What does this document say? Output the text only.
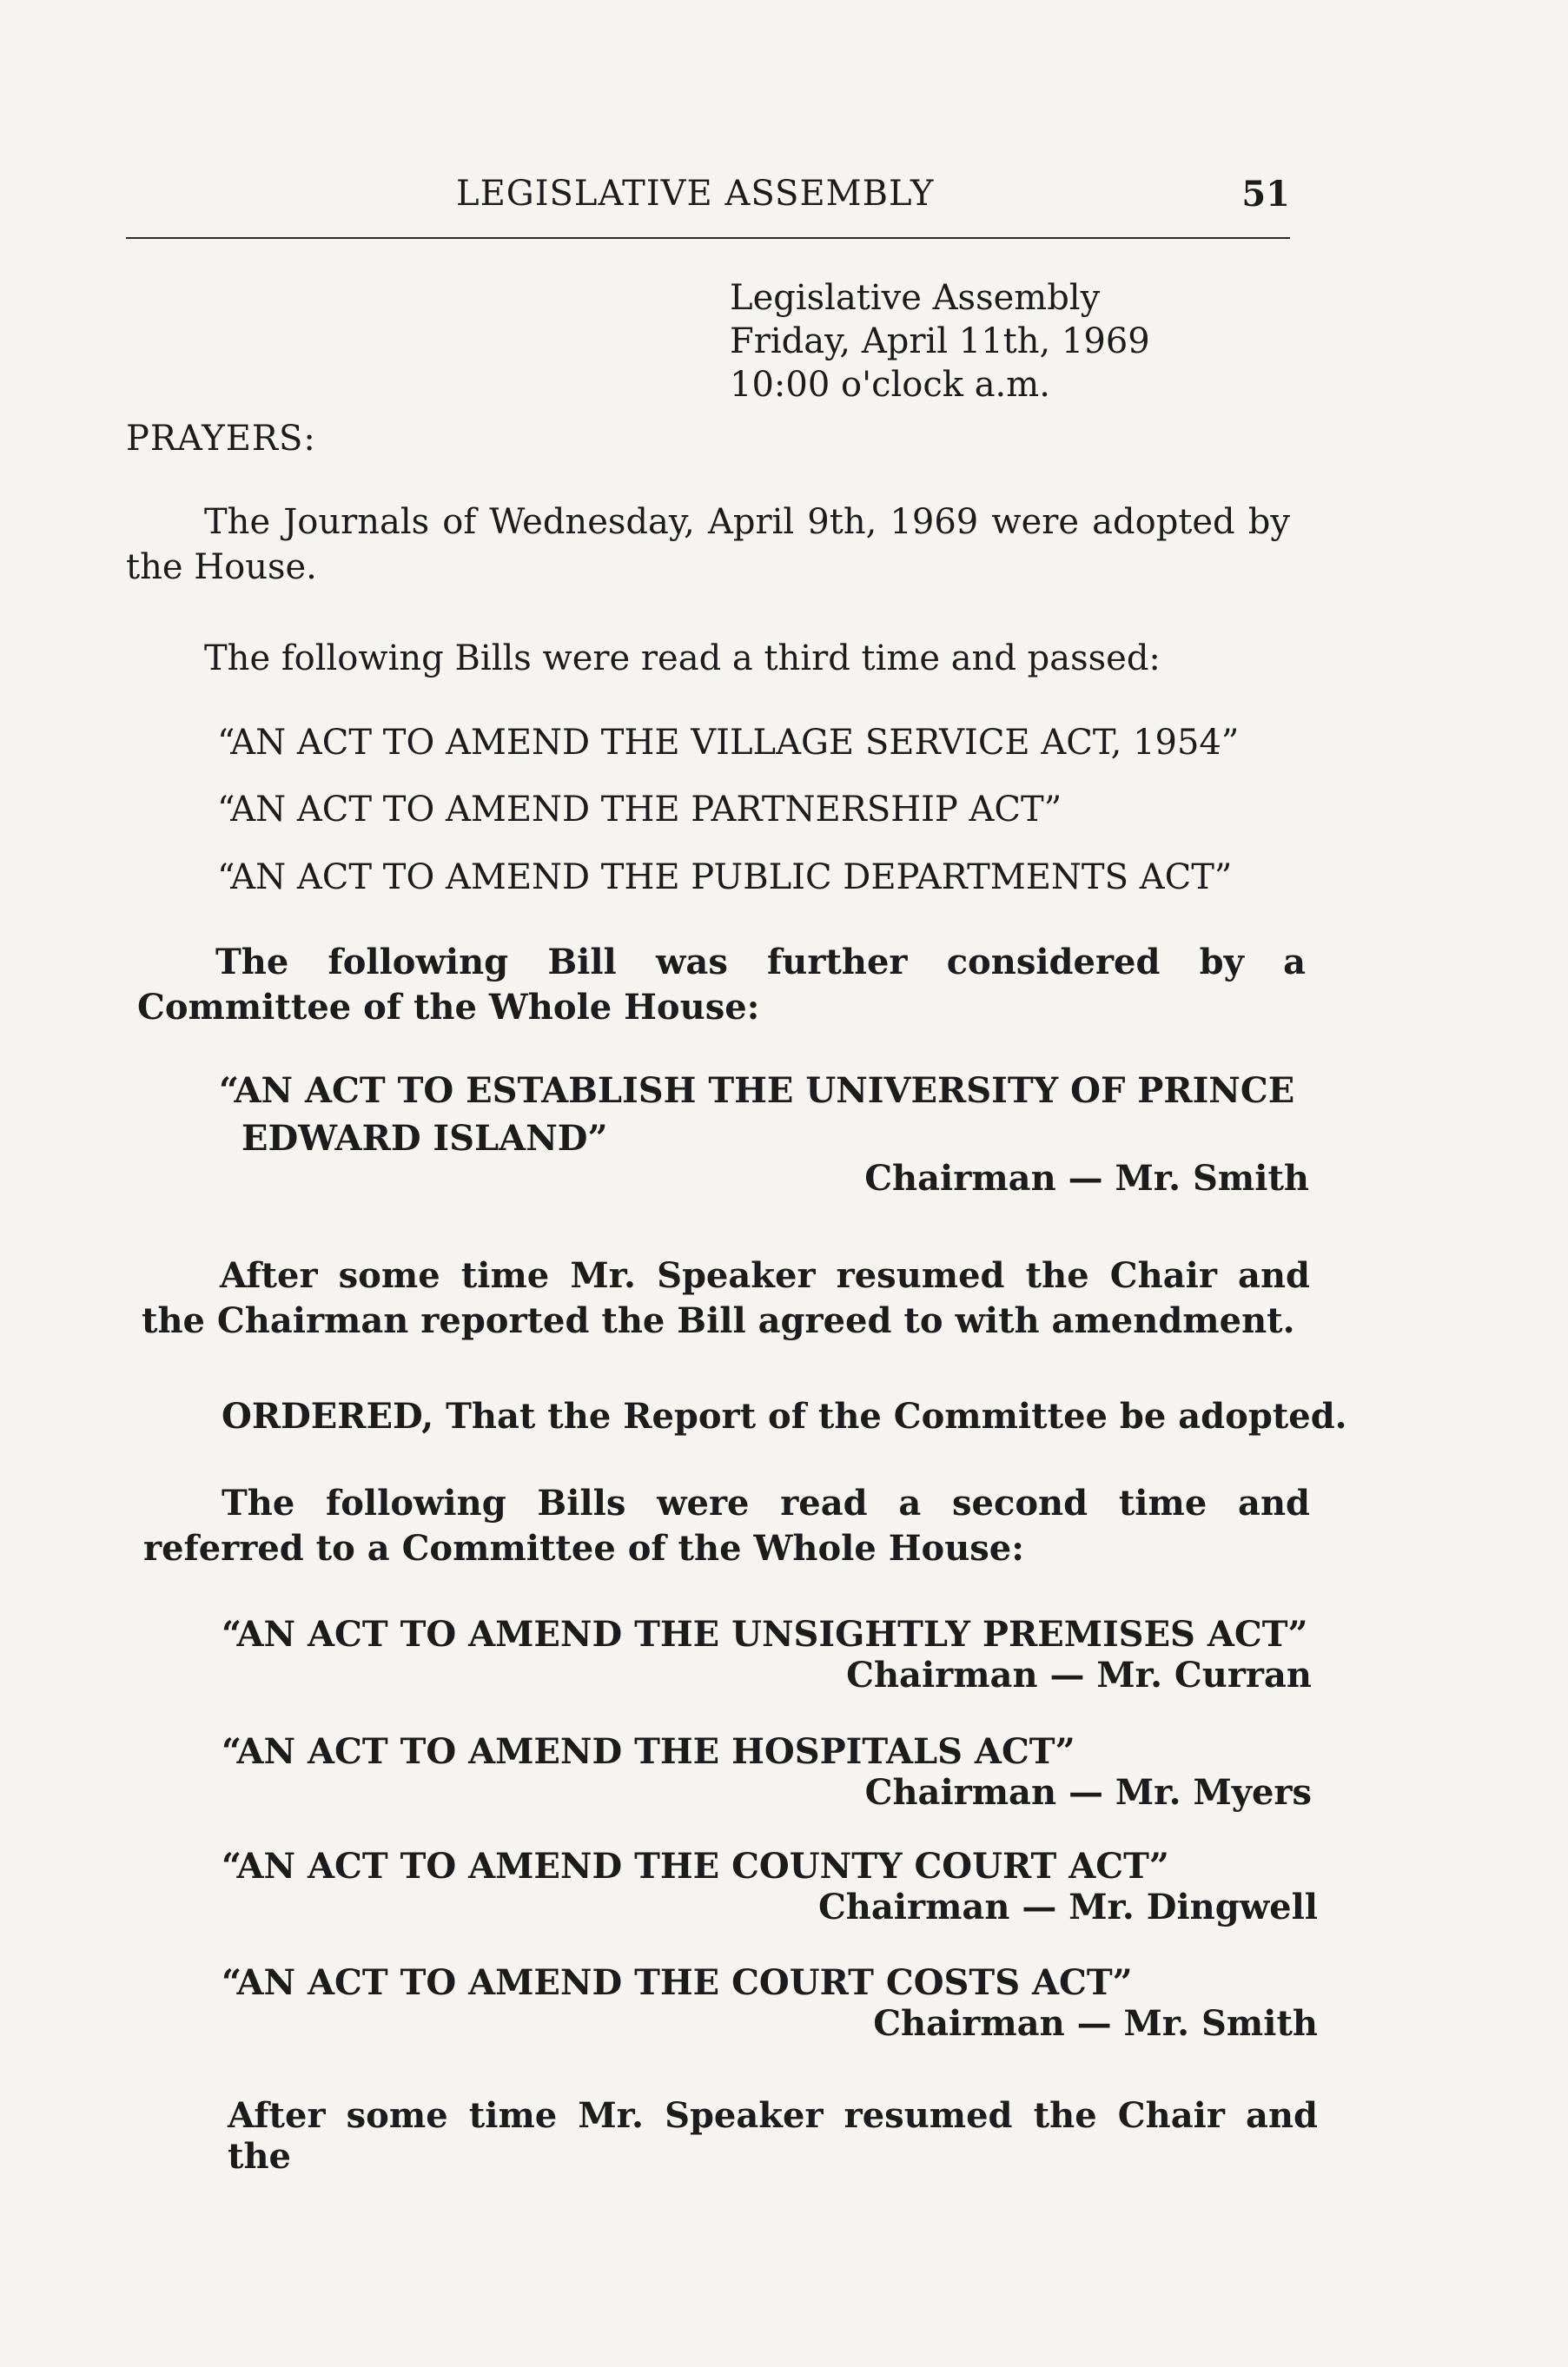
LEGISLATIVE ASSEMBLY	51
Legislative Assembly
Friday, April 11th, 1969
10:00 o'clock a.m.
PRAYERS:
The Journals of Wednesday, April 9th, 1969 were adopted by the House.
The following Bills were read a third time and passed:
“AN ACT TO AMEND THE VILLAGE SERVICE ACT, 1954”
“AN ACT TO AMEND THE PARTNERSHIP ACT”
“AN ACT TO AMEND THE PUBLIC DEPARTMENTS ACT”
The following Bill was further considered by a Committee of the Whole House:
“AN ACT TO ESTABLISH THE UNIVERSITY OF PRINCE
EDWARD ISLAND”
Chairman — Mr. Smith
After some time Mr. Speaker resumed the Chair and the Chairman reported the Bill agreed to with amendment.
ORDERED, That the Report of the Committee be adopted.
The following Bills were read a second time and referred to a Committee of the Whole House:
“AN ACT TO AMEND THE UNSIGHTLY PREMISES ACT”
Chairman — Mr. Curran
“AN ACT TO AMEND THE HOSPITALS ACT”
Chairman — Mr. Myers
“AN ACT TO AMEND THE COUNTY COURT ACT”
Chairman — Mr. Dingwell
“AN ACT TO AMEND THE COURT COSTS ACT”
Chairman — Mr. Smith
After some time Mr. Speaker resumed the Chair and the
